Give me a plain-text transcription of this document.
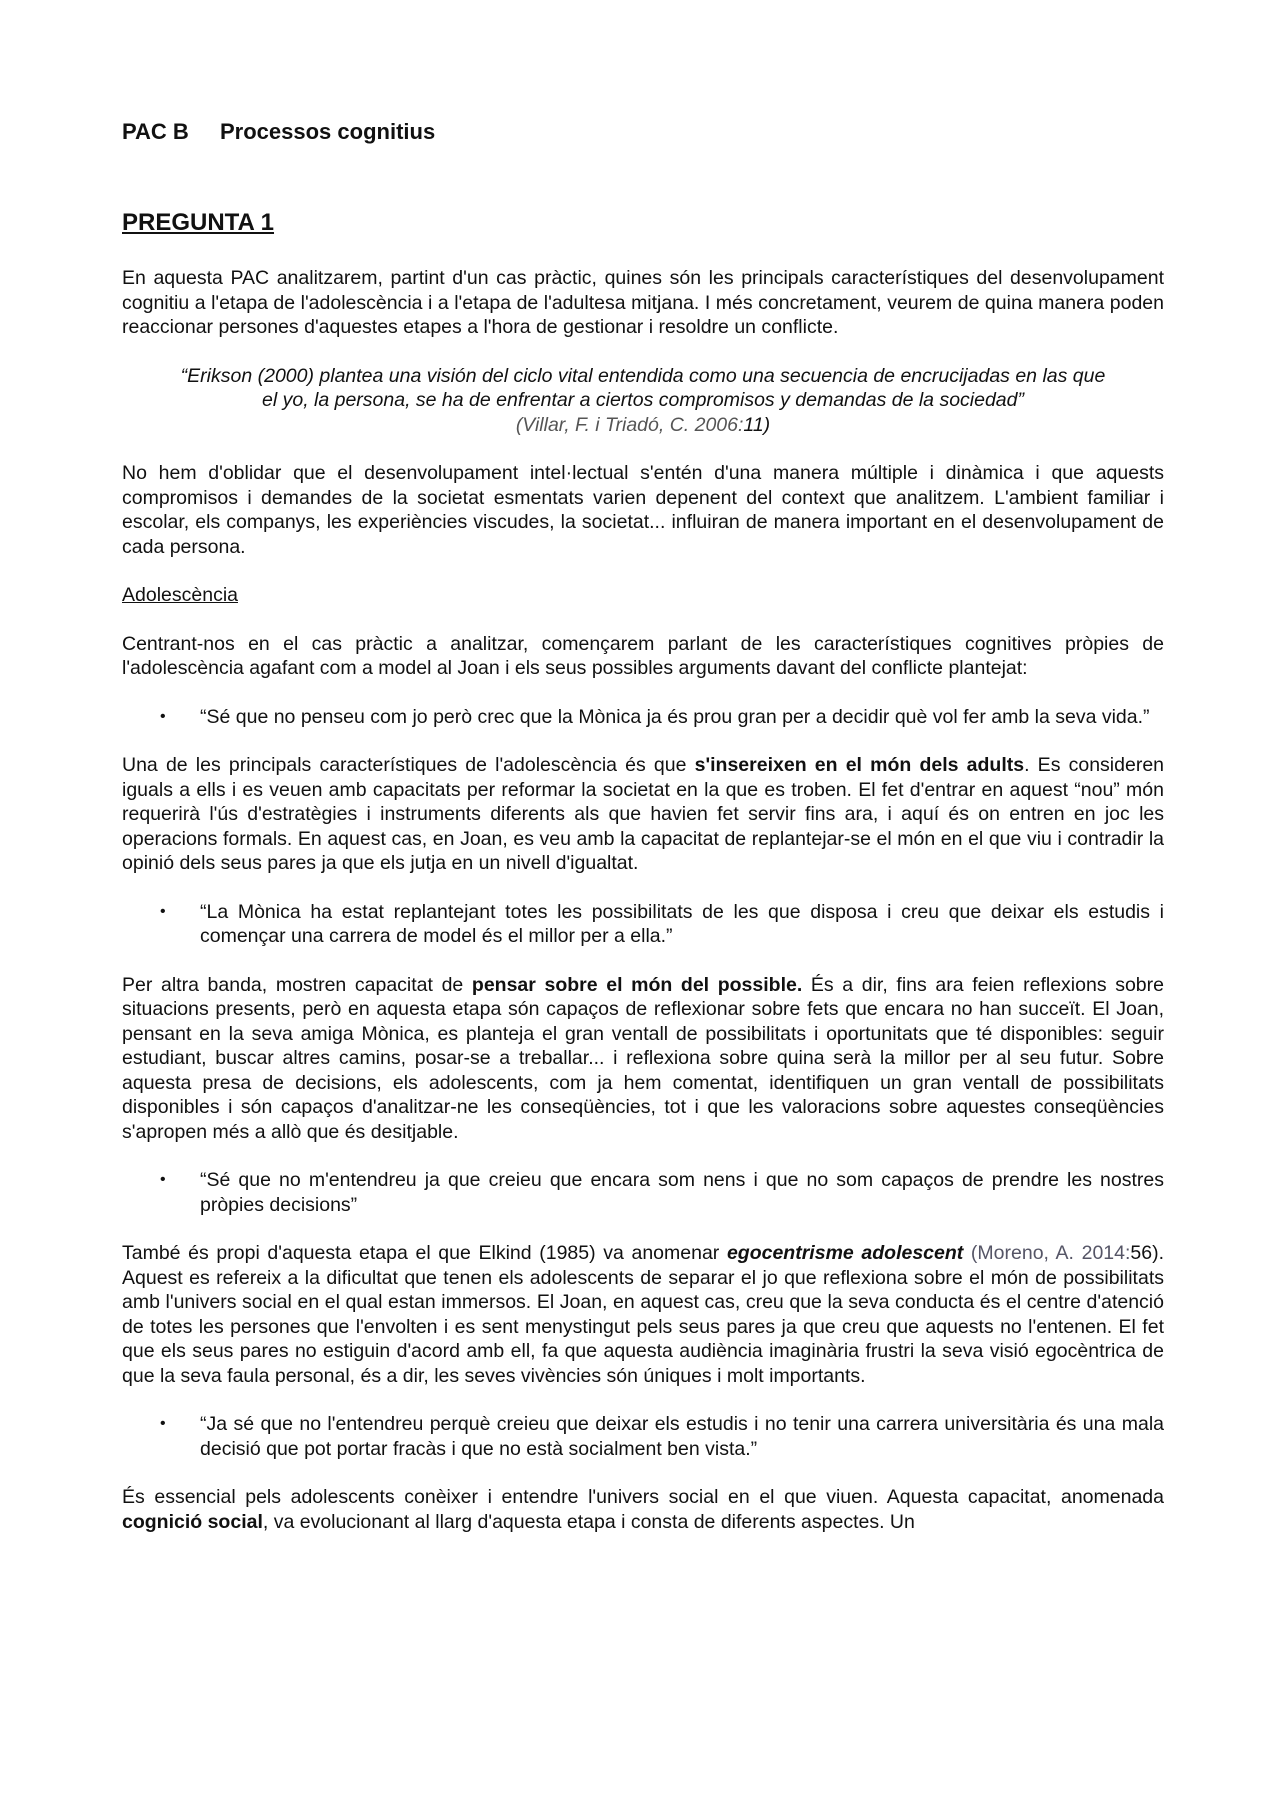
PAC B Processos cognitius
PREGUNTA 1

En aquesta PAC analitzarem, partint d'un cas pràctic, quines són les principals característiques del desenvolupament cognitiu a l'etapa de l'adolescència i a l'etapa de l'adultesa mitjana. I més concretament, veurem de quina manera poden reaccionar persones d'aquestes etapes a l'hora de gestionar i resoldre un conflicte.

“Erikson (2000) plantea una visión del ciclo vital entendida como una secuencia de encrucijadas en las que
el yo, la persona, se ha de enfrentar a ciertos compromisos y demandas de la sociedad”
(Villar, F. i Triadó, C. 2006:11)

No hem d'oblidar que el desenvolupament intel·lectual s'entén d'una manera múltiple i dinàmica i que aquests compromisos i demandes de la societat esmentats varien depenent del context que analitzem. L'ambient familiar i escolar, els companys, les experiències viscudes, la societat... influiran de manera important en el desenvolupament de cada persona.

Adolescència

Centrant-nos en el cas pràctic a analitzar, començarem parlant de les característiques cognitives pròpies de l'adolescència agafant com a model al Joan i els seus possibles arguments davant del conflicte plantejat:

• “Sé que no penseu com jo però crec que la Mònica ja és prou gran per a decidir què vol fer amb la seva vida.”

Una de les principals característiques de l'adolescència és que s'insereixen en el món dels adults. Es consideren iguals a ells i es veuen amb capacitats per reformar la societat en la que es troben. El fet d'entrar en aquest “nou” món requerirà l'ús d'estratègies i instruments diferents als que havien fet servir fins ara, i aquí és on entren en joc les operacions formals. En aquest cas, en Joan, es veu amb la capacitat de replantejar-se el món en el que viu i contradir la opinió dels seus pares ja que els jutja en un nivell d'igualtat.

• “La Mònica ha estat replantejant totes les possibilitats de les que disposa i creu que deixar els estudis i començar una carrera de model és el millor per a ella.”

Per altra banda, mostren capacitat de pensar sobre el món del possible. És a dir, fins ara feien reflexions sobre situacions presents, però en aquesta etapa són capaços de reflexionar sobre fets que encara no han succeït. El Joan, pensant en la seva amiga Mònica, es planteja el gran ventall de possibilitats i oportunitats que té disponibles: seguir estudiant, buscar altres camins, posar-se a treballar... i reflexiona sobre quina serà la millor per al seu futur. Sobre aquesta presa de decisions, els adolescents, com ja hem comentat, identifiquen un gran ventall de possibilitats disponibles i són capaços d'analitzar-ne les conseqüències, tot i que les valoracions sobre aquestes conseqüències s'apropen més a allò que és desitjable.

• “Sé que no m'entendreu ja que creieu que encara som nens i que no som capaços de prendre les nostres pròpies decisions”

També és propi d'aquesta etapa el que Elkind (1985) va anomenar egocentrisme adolescent (Moreno, A. 2014:56). Aquest es refereix a la dificultat que tenen els adolescents de separar el jo que reflexiona sobre el món de possibilitats amb l'univers social en el qual estan immersos. El Joan, en aquest cas, creu que la seva conducta és el centre d'atenció de totes les persones que l'envolten i es sent menystingut pels seus pares ja que creu que aquests no l'entenen. El fet que els seus pares no estiguin d'acord amb ell, fa que aquesta audiència imaginària frustri la seva visió egocèntrica de que la seva faula personal, és a dir, les seves vivències són úniques i molt importants.

• “Ja sé que no l'entendreu perquè creieu que deixar els estudis i no tenir una carrera universitària és una mala decisió que pot portar fracàs i que no està socialment ben vista.”

És essencial pels adolescents conèixer i entendre l'univers social en el que viuen. Aquesta capacitat, anomenada cognició social, va evolucionant al llarg d'aquesta etapa i consta de diferents aspectes. Un
